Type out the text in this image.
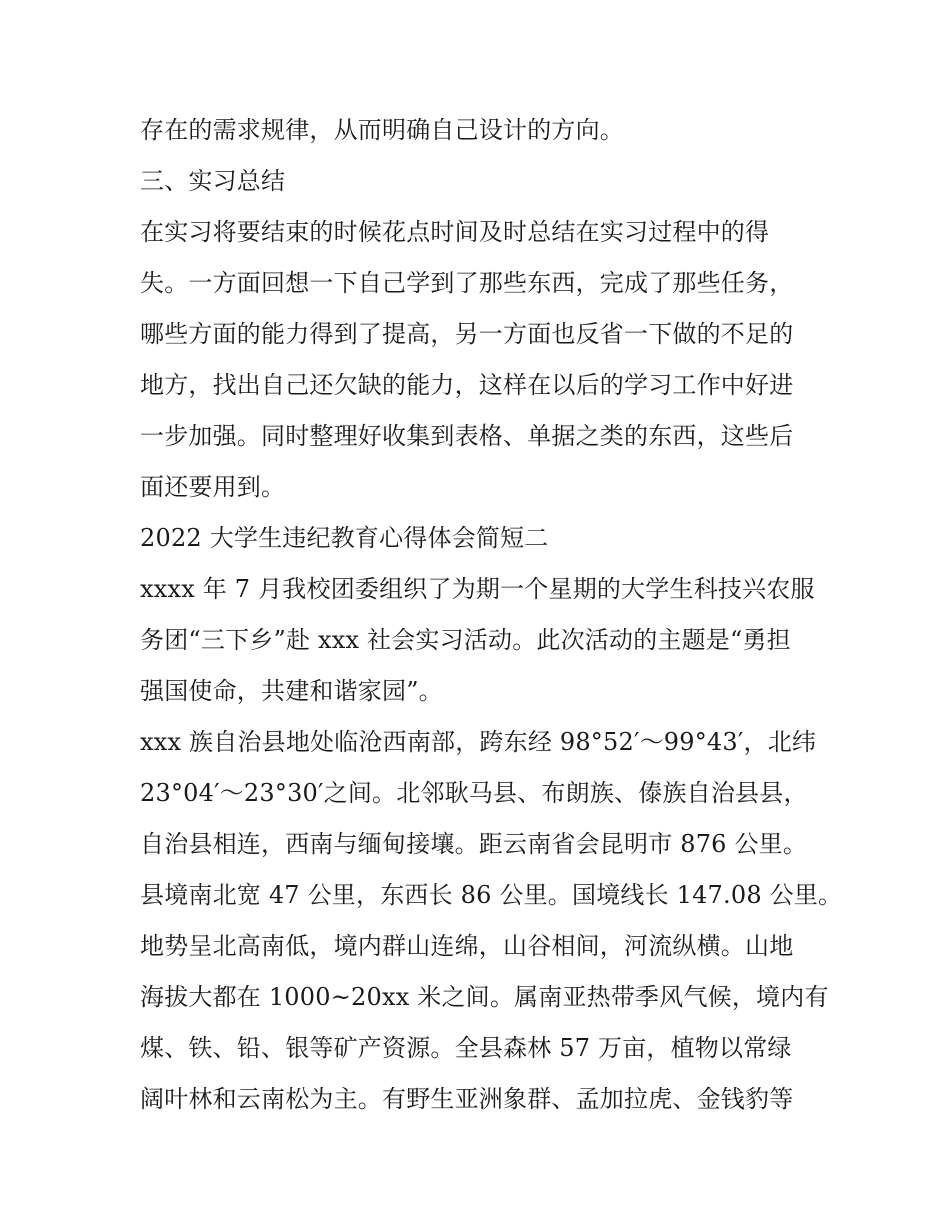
存在的需求规律，从而明确自己设计的方向。
三、实习总结
在实习将要结束的时候花点时间及时总结在实习过程中的得
失。一方面回想一下自己学到了那些东西，完成了那些任务，
哪些方面的能力得到了提高，另一方面也反省一下做的不足的
地方，找出自己还欠缺的能力，这样在以后的学习工作中好进
一步加强。同时整理好收集到表格、单据之类的东西，这些后
面还要用到。
2022 大学生违纪教育心得体会简短二
xxxx 年 7 月我校团委组织了为期一个星期的大学生科技兴农服
务团“三下乡”赴 xxx 社会实习活动。此次活动的主题是“勇担
强国使命，共建和谐家园”。
xxx 族自治县地处临沧西南部，跨东经 98°52′～99°43′，北纬
23°04′～23°30′之间。北邻耿马县、布朗族、傣族自治县县，
自治县相连，西南与缅甸接壤。距云南省会昆明市 876 公里。
县境南北宽 47 公里，东西长 86 公里。国境线长 147.08 公里。
地势呈北高南低，境内群山连绵，山谷相间，河流纵横。山地
海拔大都在 1000~20xx 米之间。属南亚热带季风气候，境内有
煤、铁、铅、银等矿产资源。全县森林 57 万亩，植物以常绿
阔叶林和云南松为主。有野生亚洲象群、孟加拉虎、金钱豹等
